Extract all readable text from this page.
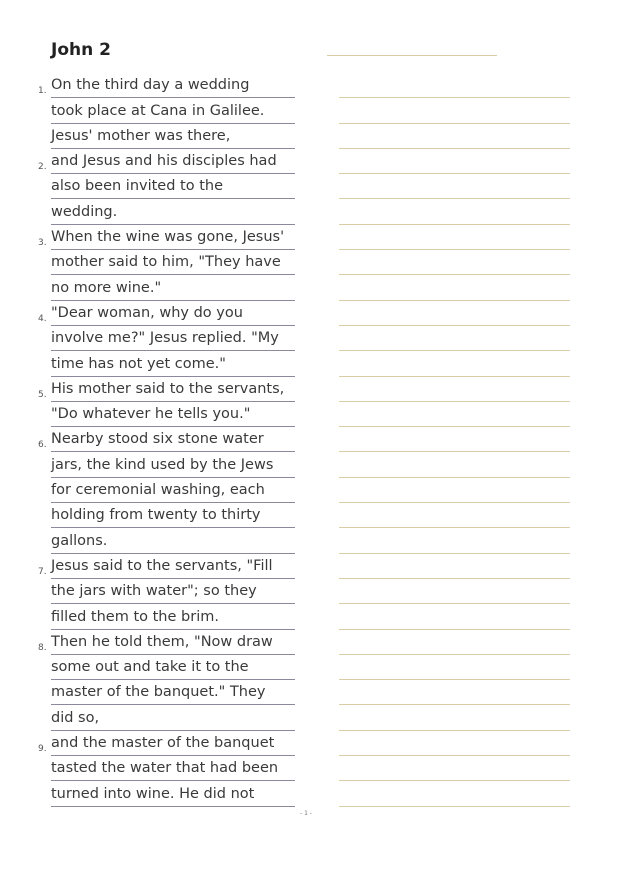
John 2
1. On the third day a wedding
took place at Cana in Galilee.
Jesus' mother was there,
2. and Jesus and his disciples had
also been invited to the
wedding.
3. When the wine was gone, Jesus'
mother said to him, "They have
no more wine."
4. "Dear woman, why do you
involve me?" Jesus replied. "My
time has not yet come."
5. His mother said to the servants,
"Do whatever he tells you."
6. Nearby stood six stone water
jars, the kind used by the Jews
for ceremonial washing, each
holding from twenty to thirty
gallons.
7. Jesus said to the servants, "Fill
the jars with water"; so they
filled them to the brim.
8. Then he told them, "Now draw
some out and take it to the
master of the banquet." They
did so,
9. and the master of the banquet
tasted the water that had been
turned into wine. He did not
- 1 -
